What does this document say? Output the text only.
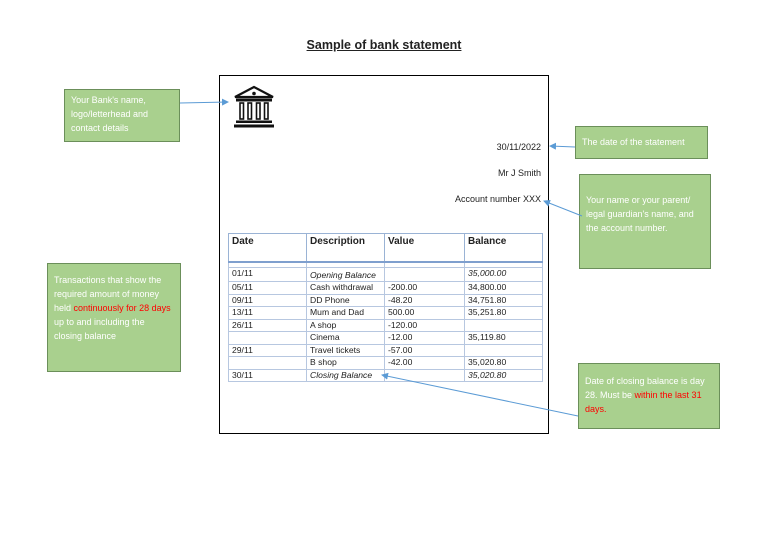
Sample of bank statement
30/11/2022
Mr J Smith
Account number XXX
Date	Description	Value	Balance

01/11	Opening Balance		35,000.00
05/11	Cash withdrawal	-200.00	34,800.00
09/11	DD Phone	-48.20	34,751.80
13/11	Mum and Dad	500.00	35,251.80
26/11	A shop	-120.00	
	Cinema	-12.00	35,119.80
29/11	Travel tickets	-57.00	
	B shop	-42.00	35,020.80
30/11	Closing Balance		35,020.80
Your Bank's name, logo/letterhead and contact details
The date of the statement
Your name or your parent/ legal guardian's name, and the account number.
Transactions that show the required amount of money held continuously for 28 days up to and including the closing balance
Date of closing balance is day 28. Must be within the last 31 days.
